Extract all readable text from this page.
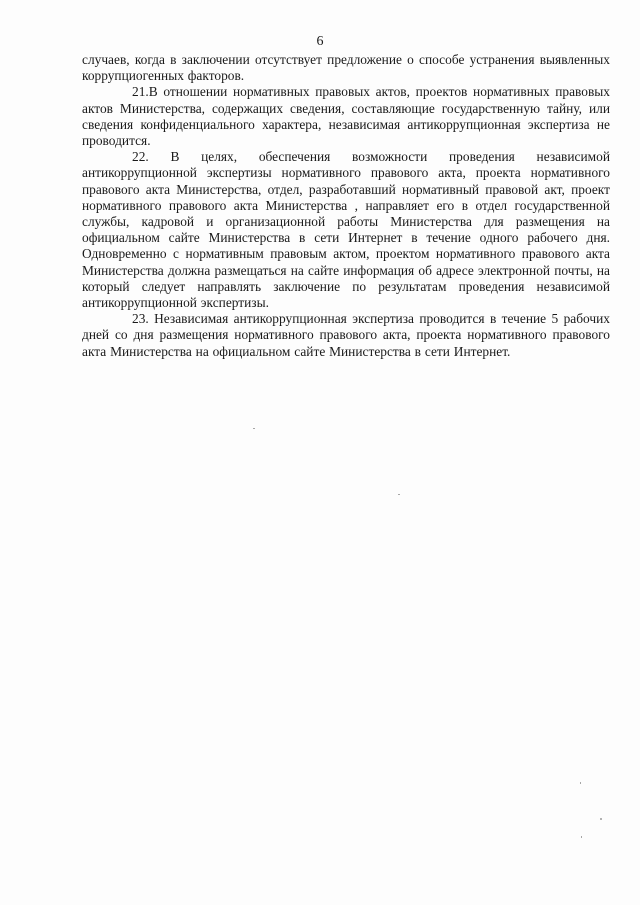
6

случаев, когда в заключении отсутствует предложение о способе устранения выявленных коррупциогенных факторов.

21.В отношении нормативных правовых актов, проектов нормативных правовых актов Министерства, содержащих сведения, составляющие государственную тайну, или сведения конфиденциального характера, независимая антикоррупционная экспертиза не проводится.

22. В целях, обеспечения возможности проведения независимой антикоррупционной экспертизы нормативного правового акта, проекта нормативного правового акта Министерства, отдел, разработавший нормативный правовой акт, проект нормативного правового акта Министерства , направляет его в отдел государственной службы, кадровой и организационной работы Министерства для размещения на официальном сайте Министерства в сети Интернет в течение одного рабочего дня. Одновременно с нормативным правовым актом, проектом нормативного правового акта Министерства должна размещаться на сайте информация об адресе электронной почты, на который следует направлять заключение по результатам проведения независимой антикоррупционной экспертизы.

23. Независимая антикоррупционная экспертиза проводится в течение 5 рабочих дней со дня размещения нормативного правового акта, проекта нормативного правового акта Министерства на официальном сайте Министерства в сети Интернет.
